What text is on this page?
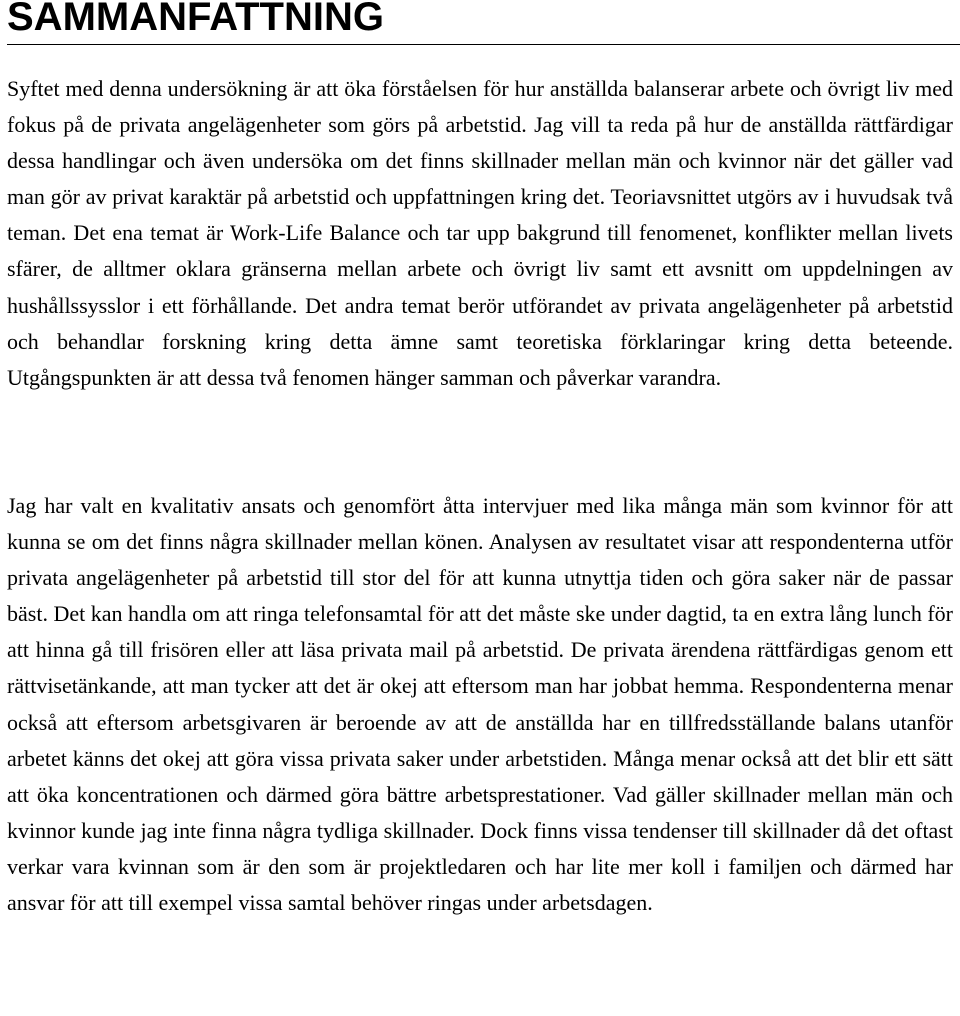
SAMMANFATTNING

Syftet med denna undersökning är att öka förståelsen för hur anställda balanserar arbete och övrigt liv med fokus på de privata angelägenheter som görs på arbetstid. Jag vill ta reda på hur de anställda rättfärdigar dessa handlingar och även undersöka om det finns skillnader mellan män och kvinnor när det gäller vad man gör av privat karaktär på arbetstid och uppfattningen kring det. Teoriavsnittet utgörs av i huvudsak två teman. Det ena temat är Work-Life Balance och tar upp bakgrund till fenomenet, konflikter mellan livets sfärer, de alltmer oklara gränserna mellan arbete och övrigt liv samt ett avsnitt om uppdelningen av hushållssysslor i ett förhållande. Det andra temat berör utförandet av privata angelägenheter på arbetstid och behandlar forskning kring detta ämne samt teoretiska förklaringar kring detta beteende. Utgångspunkten är att dessa två fenomen hänger samman och påverkar varandra.

Jag har valt en kvalitativ ansats och genomfört åtta intervjuer med lika många män som kvinnor för att kunna se om det finns några skillnader mellan könen. Analysen av resultatet visar att respondenterna utför privata angelägenheter på arbetstid till stor del för att kunna utnyttja tiden och göra saker när de passar bäst. Det kan handla om att ringa telefonsamtal för att det måste ske under dagtid, ta en extra lång lunch för att hinna gå till frisören eller att läsa privata mail på arbetstid. De privata ärendena rättfärdigas genom ett rättvisetänkande, att man tycker att det är okej att eftersom man har jobbat hemma. Respondenterna menar också att eftersom arbetsgivaren är beroende av att de anställda har en tillfredsställande balans utanför arbetet känns det okej att göra vissa privata saker under arbetstiden. Många menar också att det blir ett sätt att öka koncentrationen och därmed göra bättre arbetsprestationer. Vad gäller skillnader mellan män och kvinnor kunde jag inte finna några tydliga skillnader. Dock finns vissa tendenser till skillnader då det oftast verkar vara kvinnan som är den som är projektledaren och har lite mer koll i familjen och därmed har ansvar för att till exempel vissa samtal behöver ringas under arbetsdagen.
